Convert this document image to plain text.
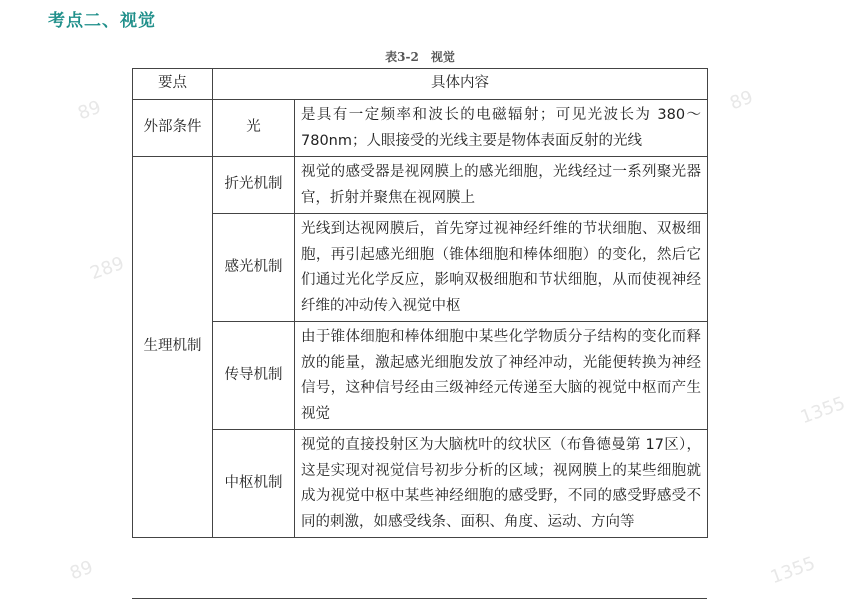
89
289
89
1355
89	1355
考点二、视觉
表3-2　视觉
要点	具体内容	
外部条件	光	是具有一定频率和波长的电磁辐射；可见光波长为 380～780nm；人眼接受的光线主要是物体表面反射的光线
生理机制	折光机制	视觉的感受器是视网膜上的感光细胞，光线经过一系列聚光器官，折射并聚焦在视网膜上
	感光机制	光线到达视网膜后，首先穿过视神经纤维的节状细胞、双极细胞，再引起感光细胞（锥体细胞和棒体细胞）的变化，然后它们通过光化学反应，影响双极细胞和节状细胞，从而使视神经纤维的冲动传入视觉中枢
	传导机制	由于锥体细胞和棒体细胞中某些化学物质分子结构的变化而释放的能量，激起感光细胞发放了神经冲动，光能便转换为神经信号，这种信号经由三级神经元传递至大脑的视觉中枢而产生视觉
	中枢机制	视觉的直接投射区为大脑枕叶的纹状区（布鲁德曼第 17区），这是实现对视觉信号初步分析的区域；视网膜上的某些细胞就成为视觉中枢中某些神经细胞的感受野，不同的感受野感受不同的刺激，如感受线条、面积、角度、运动、方向等
